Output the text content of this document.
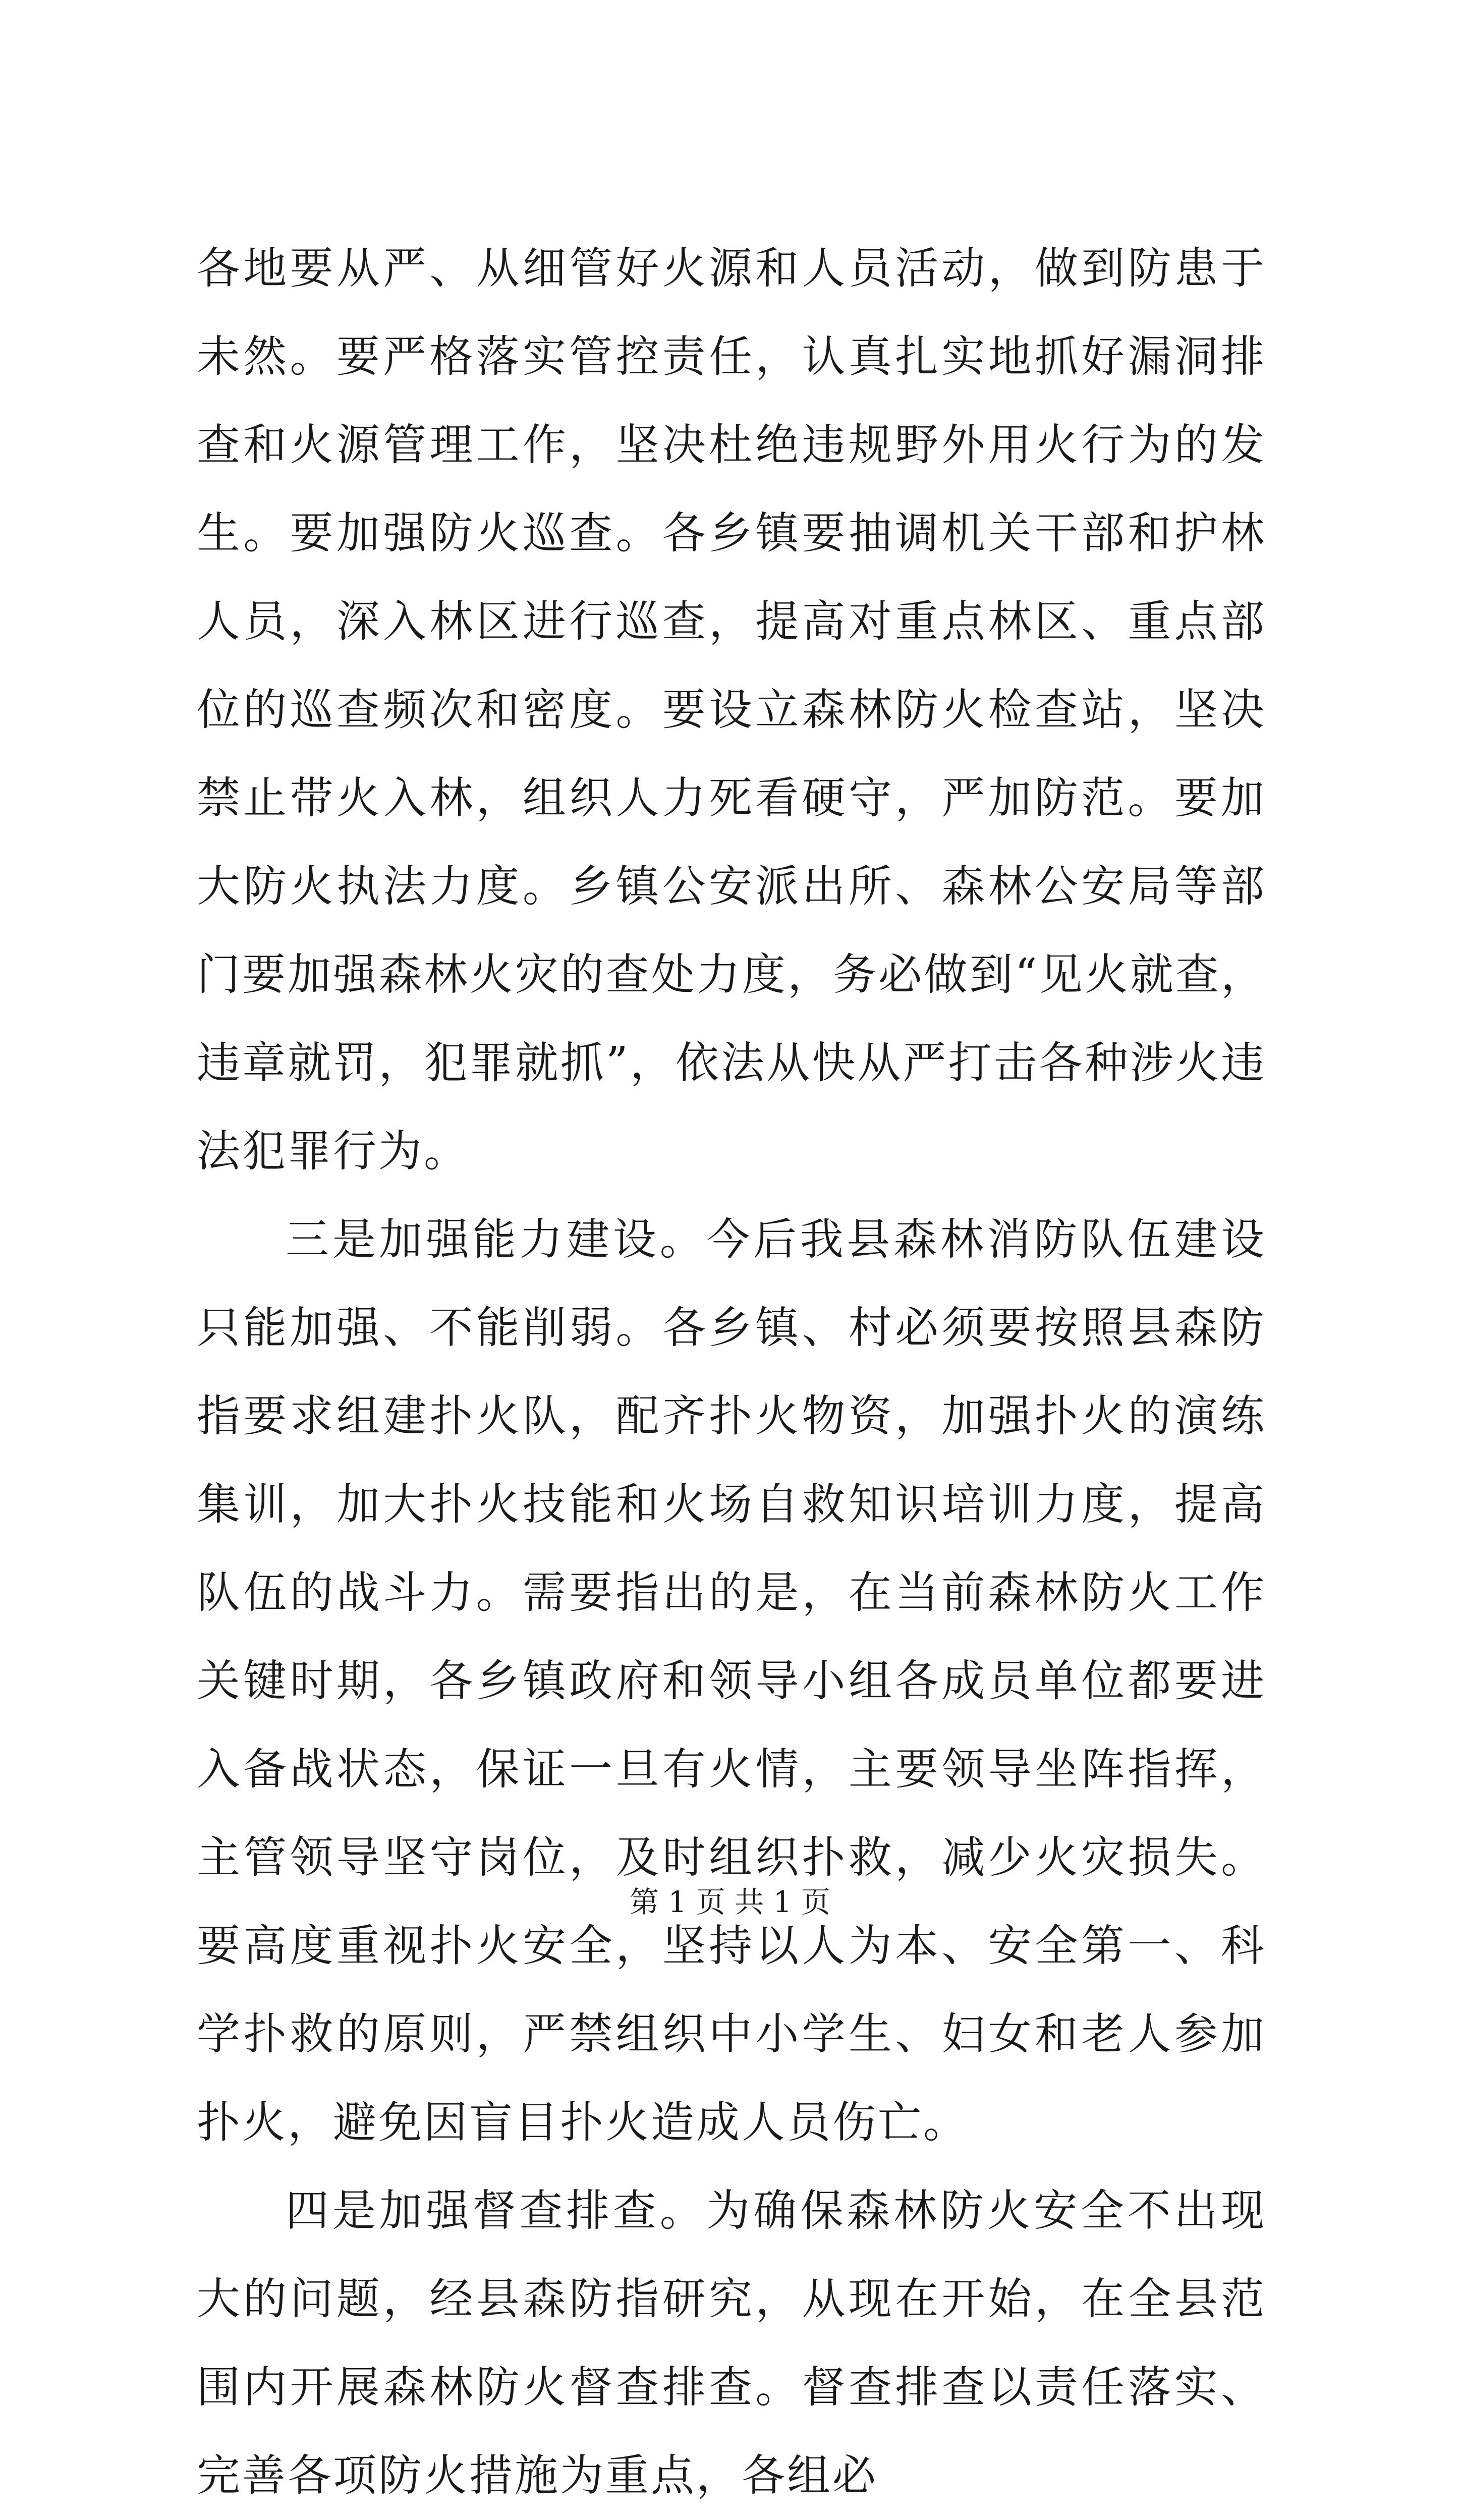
各地要从严、从细管好火源和人员活动，做到防患于未然。要严格落实管控责任，认真扎实地抓好漏洞排查和火源管理工作，坚决杜绝违规野外用火行为的发生。要加强防火巡查。各乡镇要抽调机关干部和护林人员，深入林区进行巡查，提高对重点林区、重点部位的巡查频次和密度。要设立森林防火检查站，坚决禁止带火入林，组织人力死看硬守，严加防范。要加大防火执法力度。乡镇公安派出所、森林公安局等部门要加强森林火灾的查处力度，务必做到“见火就查，违章就罚，犯罪就抓”，依法从快从严打击各种涉火违法犯罪行为。

三是加强能力建设。今后我县森林消防队伍建设只能加强、不能削弱。各乡镇、村必须要按照县森防指要求组建扑火队，配齐扑火物资，加强扑火的演练集训，加大扑火技能和火场自救知识培训力度，提高队伍的战斗力。需要指出的是，在当前森林防火工作关键时期，各乡镇政府和领导小组各成员单位都要进入备战状态，保证一旦有火情，主要领导坐阵指挥，主管领导坚守岗位，及时组织扑救，减少火灾损失。要高度重视扑火安全，坚持以人为本、安全第一、科学扑救的原则，严禁组织中小学生、妇女和老人参加扑火，避免因盲目扑火造成人员伤亡。

四是加强督查排查。为确保森林防火安全不出现大的问题，经县森防指研究，从现在开始，在全县范围内开展森林防火督查排查。督查排查以责任落实、完善各项防火措施为重点，各组必

第 1 页 共 1 页
